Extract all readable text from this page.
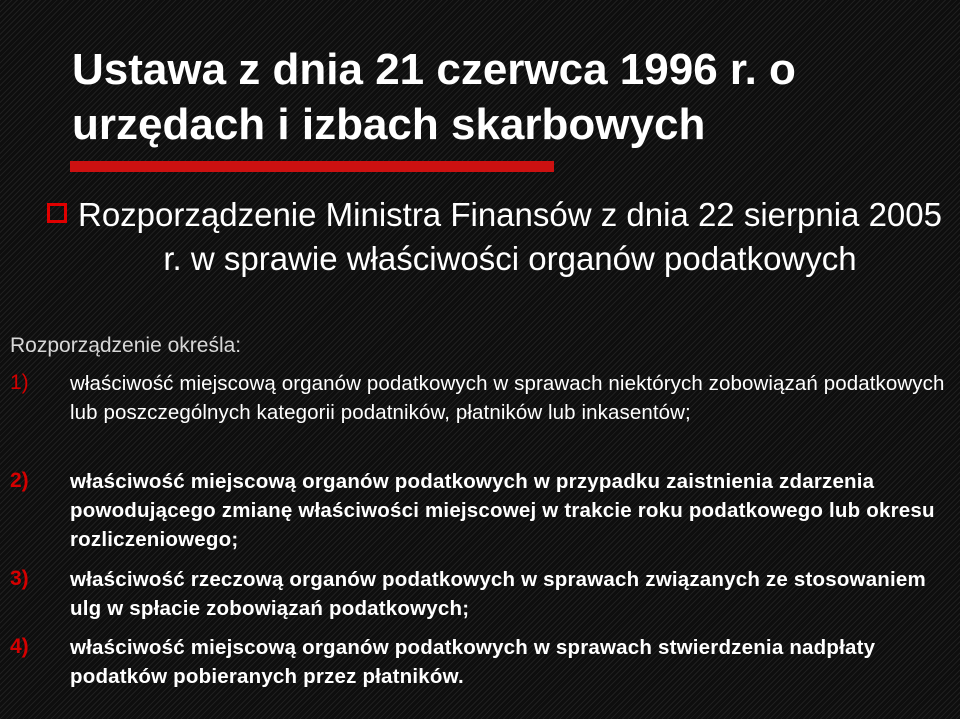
Ustawa z dnia 21 czerwca 1996 r. o urzędach i izbach skarbowych
Rozporządzenie Ministra Finansów z dnia 22 sierpnia 2005 r. w sprawie właściwości organów podatkowych
Rozporządzenie określa:
1) właściwość miejscową organów podatkowych w sprawach niektórych zobowiązań podatkowych lub poszczególnych kategorii podatników, płatników lub inkasentów;
2) właściwość miejscową organów podatkowych w przypadku zaistnienia zdarzenia powodującego zmianę właściwości miejscowej w trakcie roku podatkowego lub okresu rozliczeniowego;
3) właściwość rzeczową organów podatkowych w sprawach związanych ze stosowaniem ulg w spłacie zobowiązań podatkowych;
4) właściwość miejscową organów podatkowych w sprawach stwierdzenia nadpłaty podatków pobieranych przez płatników.
